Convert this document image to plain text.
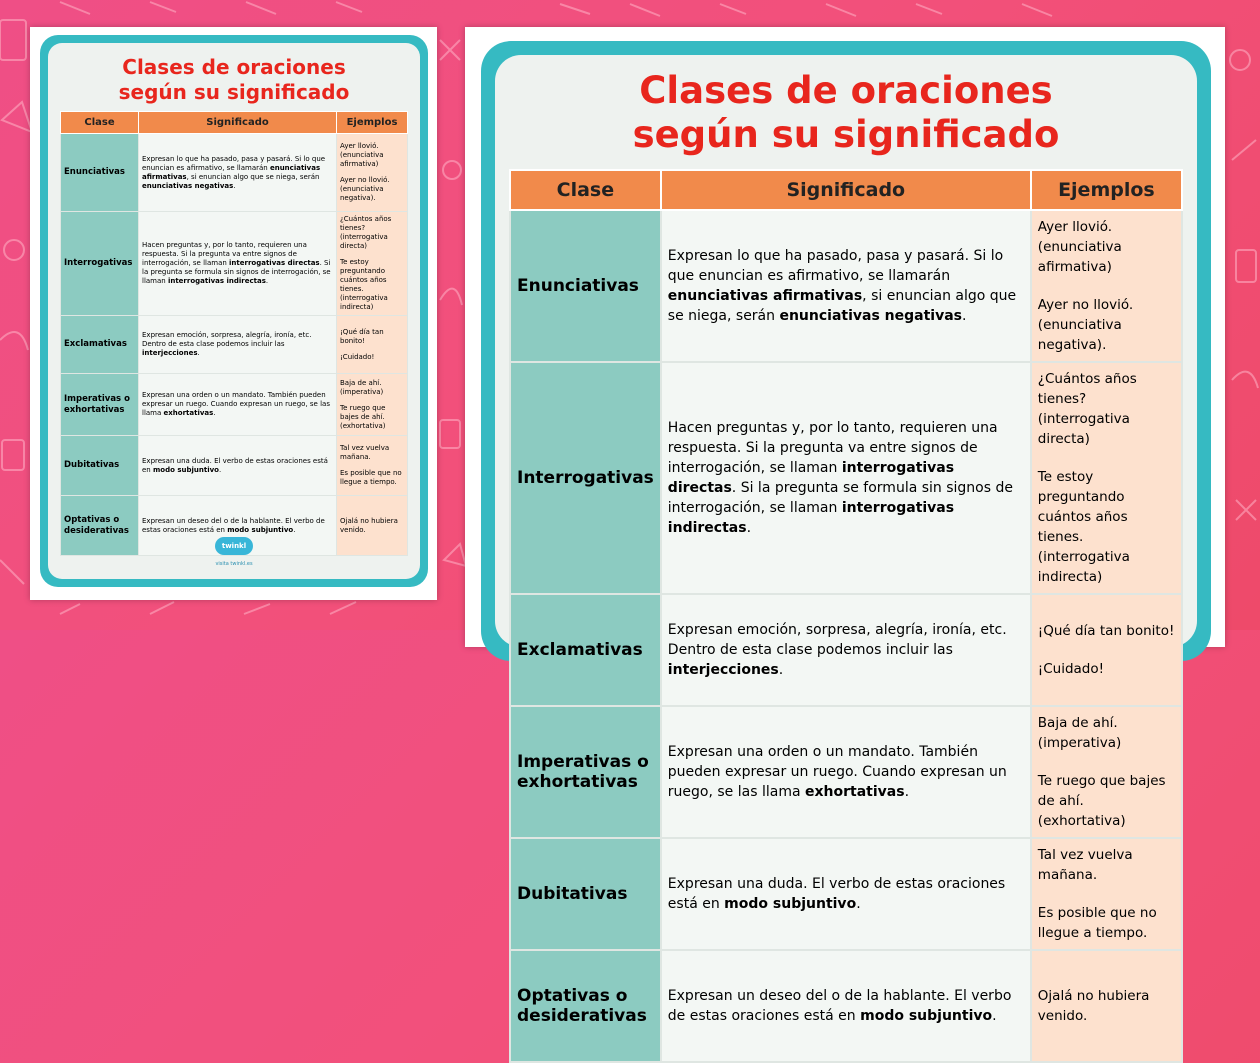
Clases de oraciones
según su significado
Clase	Significado	Ejemplos
Enunciativas	Expresan lo que ha pasado, pasa y pasará. Si lo que enuncian es afirmativo, se llamarán enunciativas afirmativas, si enuncian algo que se niega, serán enunciativas negativas.	Ayer llovió. (enunciativa afirmativa)

Ayer no llovió. (enunciativa negativa).

Interrogativas	Hacen preguntas y, por lo tanto, requieren una respuesta. Si la pregunta va entre signos de interrogación, se llaman interrogativas directas. Si la pregunta se formula sin signos de interrogación, se llaman interrogativas indirectas.	¿Cuántos años tienes? (interrogativa directa)

Te estoy preguntando cuántos años tienes. (interrogativa indirecta)

Exclamativas	Expresan emoción, sorpresa, alegría, ironía, etc. Dentro de esta clase podemos incluir las interjecciones.	¡Qué día tan bonito!

¡Cuidado!

Imperativas o exhortativas	Expresan una orden o un mandato. También pueden expresar un ruego. Cuando expresan un ruego, se las llama exhortativas.	Baja de ahí. (imperativa)

Te ruego que bajes de ahí. (exhortativa)

Dubitativas	Expresan una duda. El verbo de estas oraciones está en modo subjuntivo.	Tal vez vuelva mañana.

Es posible que no llegue a tiempo.

Optativas o desiderativas	Expresan un deseo del o de la hablante. El verbo de estas oraciones está en modo subjuntivo.	Ojalá no hubiera venido.

twinkl
visita twinkl.es
Clases de oraciones
según su significado
Clase	Significado	Ejemplos
Enunciativas	Expresan lo que ha pasado, pasa y pasará. Si lo que enuncian es afirmativo, se llamarán enunciativas afirmativas, si enuncian algo que se niega, serán enunciativas negativas.	Ayer llovió. (enunciativa afirmativa)

Ayer no llovió. (enunciativa negativa).

Interrogativas	Hacen preguntas y, por lo tanto, requieren una respuesta. Si la pregunta va entre signos de interrogación, se llaman interrogativas directas. Si la pregunta se formula sin signos de interrogación, se llaman interrogativas indirectas.	¿Cuántos años tienes? (interrogativa directa)

Te estoy preguntando cuántos años tienes. (interrogativa indirecta)

Exclamativas	Expresan emoción, sorpresa, alegría, ironía, etc. Dentro de esta clase podemos incluir las interjecciones.	¡Qué día tan bonito!

¡Cuidado!

Imperativas o exhortativas	Expresan una orden o un mandato. También pueden expresar un ruego. Cuando expresan un ruego, se las llama exhortativas.	Baja de ahí. (imperativa)

Te ruego que bajes de ahí. (exhortativa)

Dubitativas	Expresan una duda. El verbo de estas oraciones está en modo subjuntivo.	Tal vez vuelva mañana.

Es posible que no llegue a tiempo.

Optativas o desiderativas	Expresan un deseo del o de la hablante. El verbo de estas oraciones está en modo subjuntivo.	Ojalá no hubiera venido.
